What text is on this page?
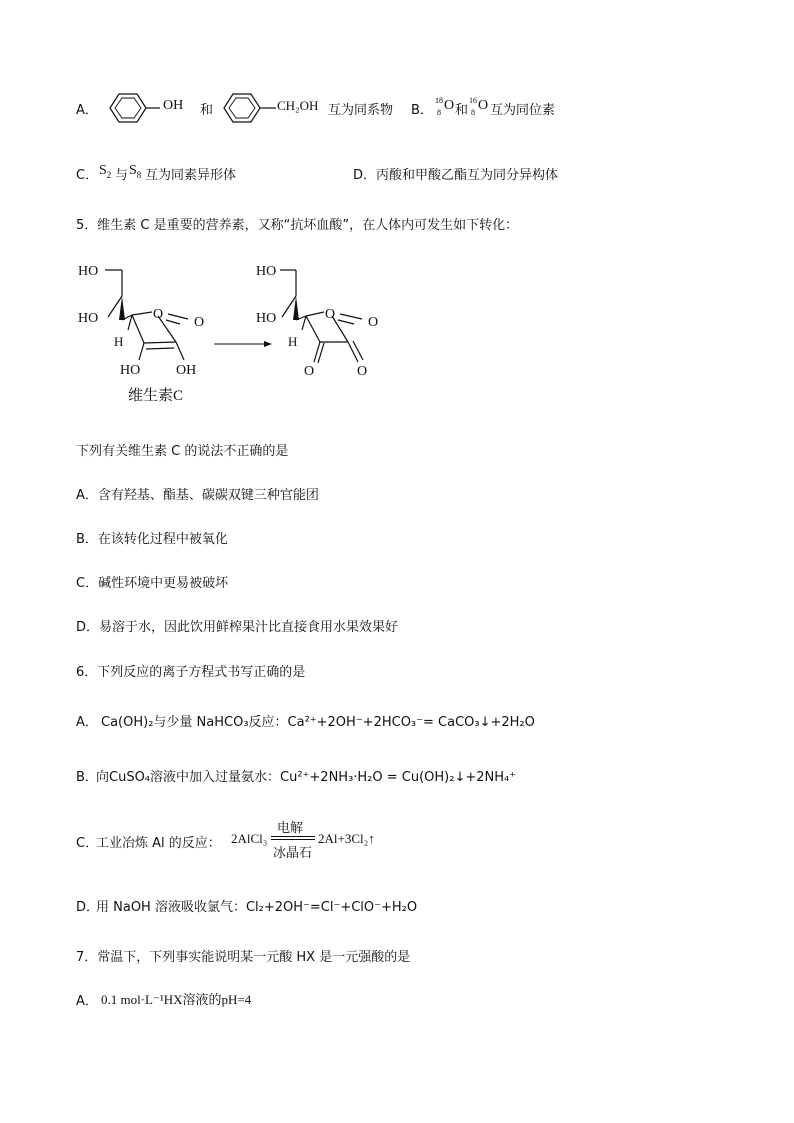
A．	OH 和	CH₂OH 互为同系物 B．
18
8 O 和
16
8 O 互为同位素
C． $S_2$ 与 $S_8$ 互为同素异形体	D． 丙酸和甲酸乙酯互为同分异构体
5．维生素 C 是重要的营养素，又称“抗坏血酸”，在人体内可发生如下转化：
HO
HO
H
O
O
HO	OH
维生素C
HO
HO
H
O
O
O	O
下列有关维生素 C 的说法不正确的是
A．含有羟基、酯基、碳碳双键三种官能团
B．在该转化过程中被氧化
C．碱性环境中更易被破坏
D．易溶于水，因此饮用鲜榨果汁比直接食用水果效果好
6．下列反应的离子方程式书写正确的是
A． Ca(OH)₂与少量 NaHCO₃反应：Ca²⁺+2OH⁻+2HCO₃⁻= CaCO₃↓+2H₂O
B．
向CuSO₄溶液中加入过量氨水：Cu²⁺+2NH₃·H₂O = Cu(OH)₂↓+2NH₄⁺
C．
工业冶炼 Al 的反应： 2AlCl₃
电解
冰晶石
2Al+3Cl₂↑
D．
用 NaOH 溶液吸收氯气：Cl₂+2OH⁻=Cl⁻+ClO⁻+H₂O
7．常温下，下列事实能说明某一元酸 HX 是一元强酸的是
A． 0.1 mol·L⁻¹HX溶液的pH=4
